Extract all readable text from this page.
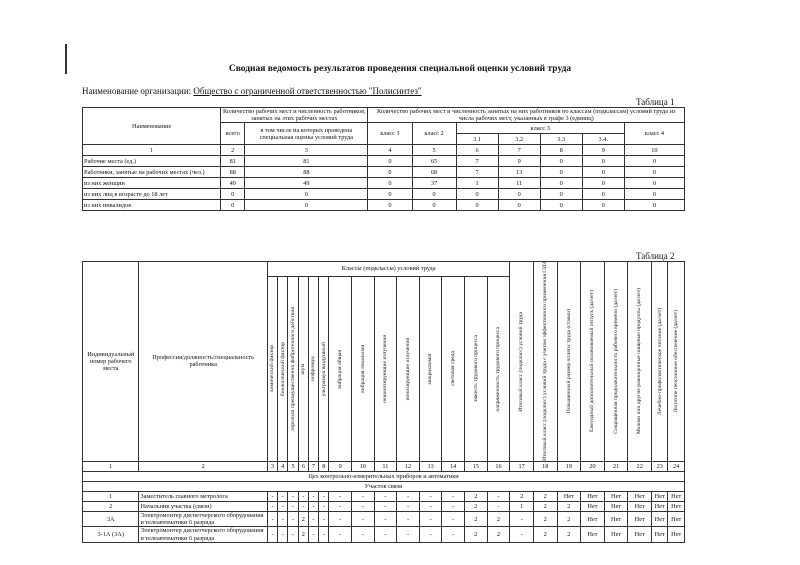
Сводная ведомость результатов проведения специальной оценки условий труда
Наименование организации: Общество с ограниченной ответственностью "Полисинтез"
Таблица 1
Наименование	Количество рабочих мест и численность работников, занятых на этих рабочих местах		Количество рабочих мест и численность занятых на них работников по классам (подклассам) условий труда из числа рабочих мест, указанных в графе 3 (единиц)						
	всего	в том числе на которых проведена специальная оценка условий труда	класс 1	класс 2	класс 3				класс 4
					3.1	3.2	3.3	3.4.	
1	2	3	4	5	6	7	8	9	10
Рабочие места (ед.)	81	81	0	65	7	9	0	0	0
Работники, занятые на рабочих местах (чел.)	88	88	0	68	7	13	0	0	0
из них женщин	49	49	0	37	1	11	0	0	0
из них лиц в возрасте до 18 лет	0	0	0	0	0	0	0	0	0
из них инвалидов	0	0	0	0	0	0	0	0	0
Таблица 2
Индивидуальный номер рабочего места	Профессия/должность/специальность работника	Классы (подклассы) условий труда														Итоговый класс (подкласс) условий труда	Итоговый класс (подкласс) условий труда с учетом эффективного применения СИЗ	Повышенный размер оплаты труда (ставки)	Ежегодный дополнительный оплачиваемый отпуск (да/нет)	Сокращенная продолжительность рабочего времени (да/нет)	Молоко или другие равноценные пищевые продукты (да/нет)	Лечебно-профилактическое питание (да/нет)	Льготное пенсионное обеспечение (да/нет)

		химический фактор	биологический фактор	аэрозоли преимущественно фиброгенного действия	шум	инфразвук	ультразвук воздушный	вибрация общая	вибрация локальная	неионизирующие излучения	ионизирующие излучения	микроклимат	световая среда	тяжесть трудового процесса	напряженность трудового процесса								

1	2	3	4	5	6	7	8	9	10	11	12	13	14	15	16	17	18	19	20	21	22	23	24
Цех контрольно-измерительных приборов и автоматики																							
Участок связи																							
1	Заместитель главного метролога	-	-	-	-	-	-	-	-	-	-	-	-	2	-	2	2	Нет	Нет	Нет	Нет	Нет	Нет
2	Начальник участка (связи)	-	-	-	-	-	-	-	-	-	-	-	-	2	-	1	2	2	Нет	Нет	Нет	Нет	Нет
3А	Электромонтер диспетчерского оборудования и телеавтоматики 6 разряда	-	-	-	2	-	-	-	-	-	-	-	-	2	2	-	2	2	Нет	Нет	Нет	Нет	Нет
3-1А (3А)	Электромонтер диспетчерского оборудования и телеавтоматики 6 разряда	-	-	-	2	-	-	-	-	-	-	-	-	2	2	-	2	2	Нет	Нет	Нет	Нет	Нет
